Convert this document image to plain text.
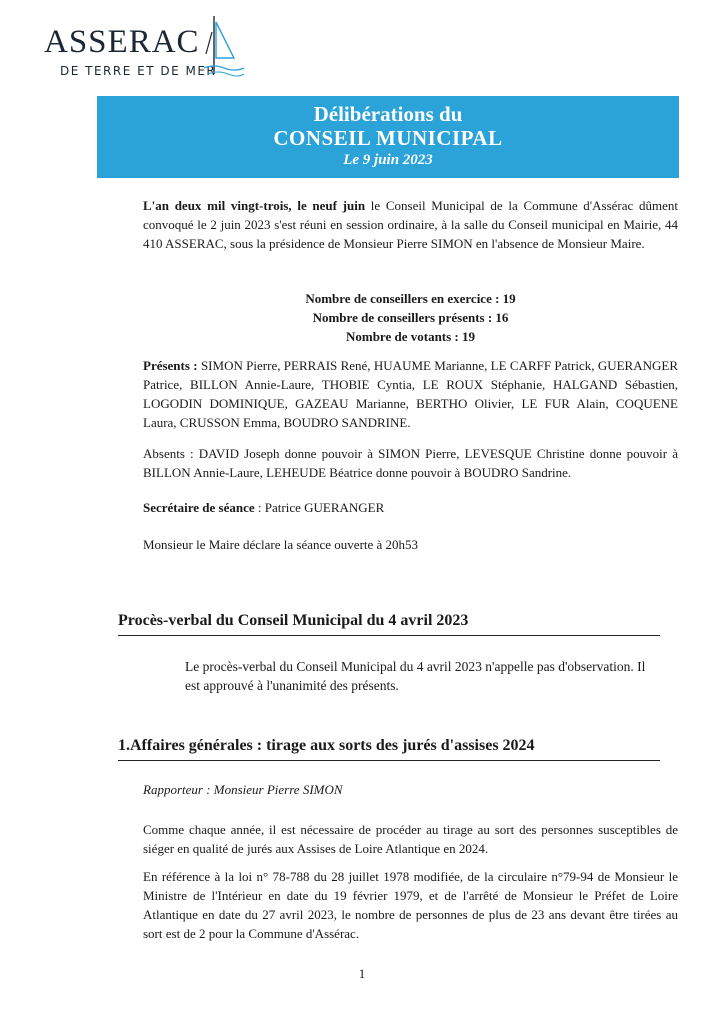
ASSERAC
DE TERRE ET DE MER
Délibérations du
CONSEIL MUNICIPAL
Le 9 juin 2023
L'an deux mil vingt-trois, le neuf juin le Conseil Municipal de la Commune d'Assérac dûment convoqué le 2 juin 2023 s'est réuni en session ordinaire, à la salle du Conseil municipal en Mairie, 44 410 ASSERAC, sous la présidence de Monsieur Pierre SIMON en l'absence de Monsieur Maire.
Nombre de conseillers en exercice : 19
Nombre de conseillers présents : 16
Nombre de votants : 19
Présents : SIMON Pierre, PERRAIS René, HUAUME Marianne, LE CARFF Patrick, GUERANGER Patrice, BILLON Annie-Laure, THOBIE Cyntia, LE ROUX Stéphanie, HALGAND Sébastien, LOGODIN DOMINIQUE, GAZEAU Marianne, BERTHO Olivier, LE FUR Alain, COQUENE Laura, CRUSSON Emma, BOUDRO SANDRINE.
Absents : DAVID Joseph donne pouvoir à SIMON Pierre, LEVESQUE Christine donne pouvoir à BILLON Annie-Laure, LEHEUDE Béatrice donne pouvoir à BOUDRO Sandrine.
Secrétaire de séance : Patrice GUERANGER
Monsieur le Maire déclare la séance ouverte à 20h53
Procès-verbal du Conseil Municipal du 4 avril 2023
Le procès-verbal du Conseil Municipal du 4 avril 2023 n'appelle pas d'observation. Il est approuvé à l'unanimité des présents.
1.Affaires générales : tirage aux sorts des jurés d'assises 2024
Rapporteur : Monsieur Pierre SIMON
Comme chaque année, il est nécessaire de procéder au tirage au sort des personnes susceptibles de siéger en qualité de jurés aux Assises de Loire Atlantique en 2024.
En référence à la loi n° 78-788 du 28 juillet 1978 modifiée, de la circulaire n°79-94 de Monsieur le Ministre de l'Intérieur en date du 19 février 1979, et de l'arrêté de Monsieur le Préfet de Loire Atlantique en date du 27 avril 2023, le nombre de personnes de plus de 23 ans devant être tirées au sort est de 2 pour la Commune d'Assérac.
1
